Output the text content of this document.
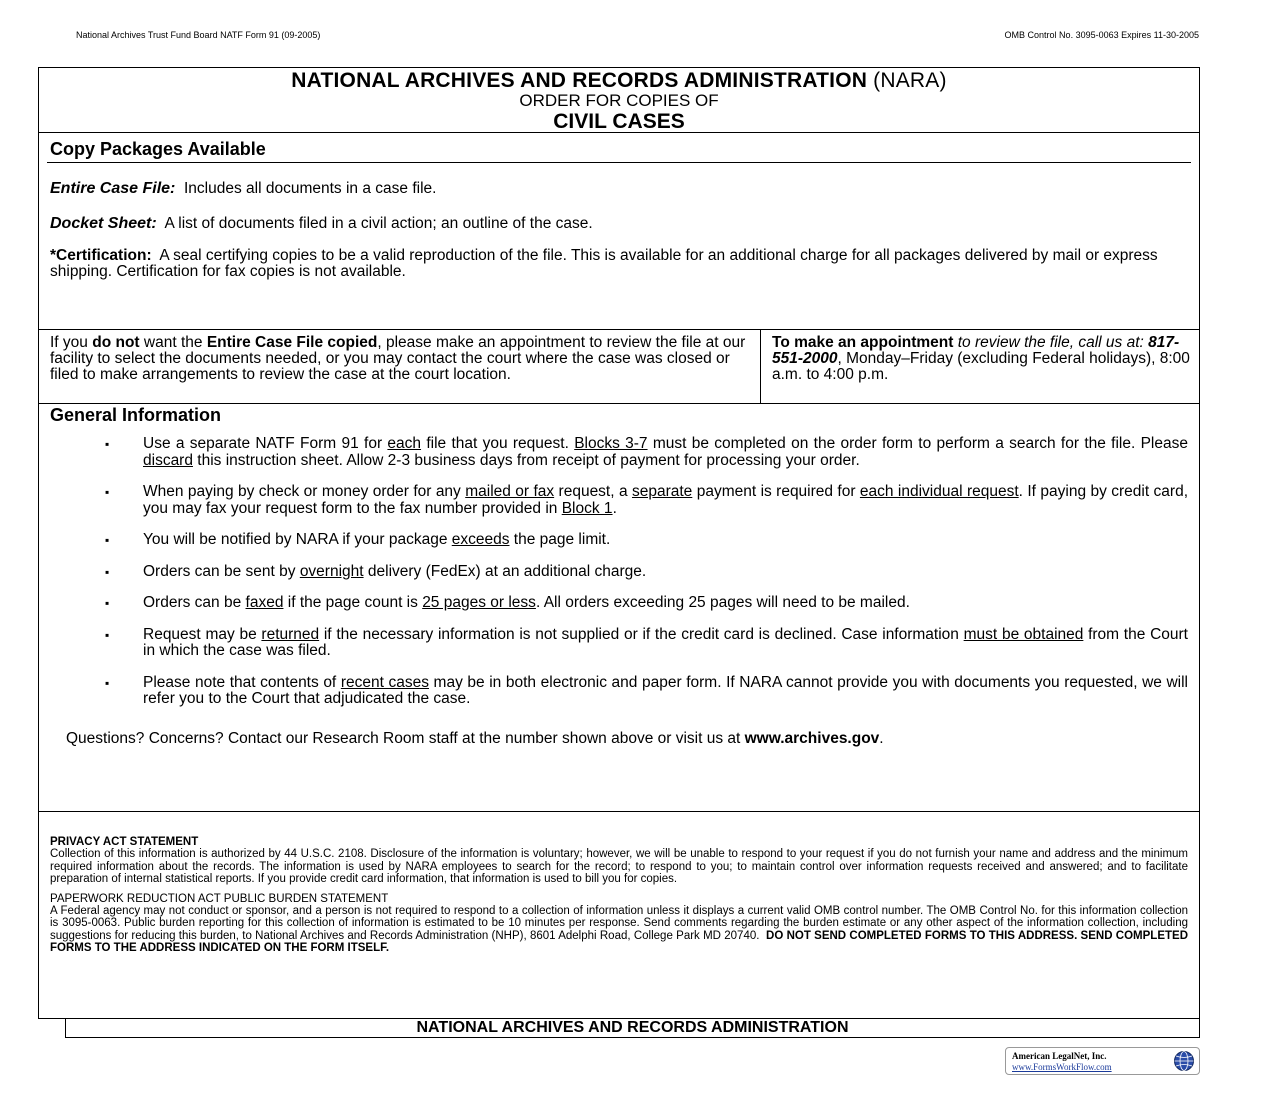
National Archives Trust Fund Board NATF Form 91 (09-2005)	OMB Control No. 3095-0063 Expires 11-30-2005
NATIONAL ARCHIVES AND RECORDS ADMINISTRATION (NARA)
ORDER FOR COPIES OF
CIVIL CASES
Copy Packages Available
Entire Case File: Includes all documents in a case file.
Docket Sheet: A list of documents filed in a civil action; an outline of the case.
*Certification: A seal certifying copies to be a valid reproduction of the file. This is available for an additional charge for all packages delivered by mail or express shipping. Certification for fax copies is not available.
If you do not want the Entire Case File copied, please make an appointment to review the file at our facility to select the documents needed, or you may contact the court where the case was closed or filed to make arrangements to review the case at the court location.
To make an appointment to review the file, call us at: 817-551-2000, Monday–Friday (excluding Federal holidays), 8:00 a.m. to 4:00 p.m.
General Information
▪ Use a separate NATF Form 91 for each file that you request. Blocks 3-7 must be completed on the order form to perform a search for the file. Please discard this instruction sheet. Allow 2-3 business days from receipt of payment for processing your order.
▪ When paying by check or money order for any mailed or fax request, a separate payment is required for each individual request. If paying by credit card, you may fax your request form to the fax number provided in Block 1.
▪ You will be notified by NARA if your package exceeds the page limit.
▪ Orders can be sent by overnight delivery (FedEx) at an additional charge.
▪ Orders can be faxed if the page count is 25 pages or less. All orders exceeding 25 pages will need to be mailed.
▪ Request may be returned if the necessary information is not supplied or if the credit card is declined. Case information must be obtained from the Court in which the case was filed.
▪ Please note that contents of recent cases may be in both electronic and paper form. If NARA cannot provide you with documents you requested, we will refer you to the Court that adjudicated the case.
Questions? Concerns? Contact our Research Room staff at the number shown above or visit us at www.archives.gov.
PRIVACY ACT STATEMENT
Collection of this information is authorized by 44 U.S.C. 2108. Disclosure of the information is voluntary; however, we will be unable to respond to your request if you do not furnish your name and address and the minimum required information about the records. The information is used by NARA employees to search for the record; to respond to you; to maintain control over information requests received and answered; and to facilitate preparation of internal statistical reports. If you provide credit card information, that information is used to bill you for copies.
PAPERWORK REDUCTION ACT PUBLIC BURDEN STATEMENT
A Federal agency may not conduct or sponsor, and a person is not required to respond to a collection of information unless it displays a current valid OMB control number. The OMB Control No. for this information collection is 3095-0063. Public burden reporting for this collection of information is estimated to be 10 minutes per response. Send comments regarding the burden estimate or any other aspect of the information collection, including suggestions for reducing this burden, to National Archives and Records Administration (NHP), 8601 Adelphi Road, College Park MD 20740. DO NOT SEND COMPLETED FORMS TO THIS ADDRESS. SEND COMPLETED FORMS TO THE ADDRESS INDICATED ON THE FORM ITSELF.
NATIONAL ARCHIVES AND RECORDS ADMINISTRATION
American LegalNet, Inc.
www.FormsWorkFlow.com
